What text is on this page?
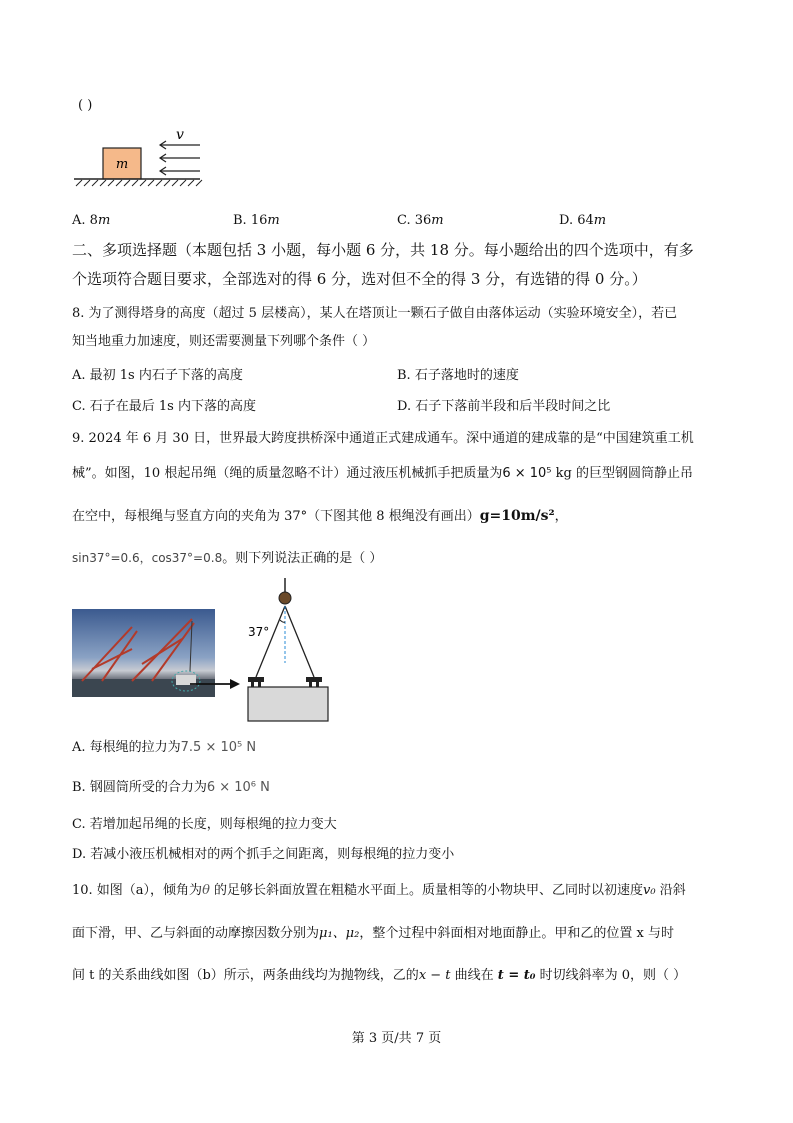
( )
m
v
A. 8m	B. 16m	C. 36m	D. 64m
二、多项选择题（本题包括 3 小题，每小题 6 分，共 18 分。每小题给出的四个选项中，有多
个选项符合题目要求，全部选对的得 6 分，选对但不全的得 3 分，有选错的得 0 分。）
8. 为了测得塔身的高度（超过 5 层楼高），某人在塔顶让一颗石子做自由落体运动（实验环境安全），若已
知当地重力加速度，则还需要测量下列哪个条件（ ）
A. 最初 1s 内石子下落的高度	B. 石子落地时的速度
C. 石子在最后 1s 内下落的高度	D. 石子下落前半段和后半段时间之比
9. 2024 年 6 月 30 日，世界最大跨度拱桥深中通道正式建成通车。深中通道的建成靠的是“中国建筑重工机
械”。如图，10 根起吊绳（绳的质量忽略不计）通过液压机械抓手把质量为6 × 10⁵ kg 的巨型钢圆筒静止吊
在空中，每根绳与竖直方向的夹角为 37°（下图其他 8 根绳没有画出）g=10m/s²，
sin37°=0.6，cos37°=0.8。则下列说法正确的是（ ）
37°
A. 每根绳的拉力为7.5 × 10⁵ N
B. 钢圆筒所受的合力为6 × 10⁶ N
C. 若增加起吊绳的长度，则每根绳的拉力变大
D. 若减小液压机械相对的两个抓手之间距离，则每根绳的拉力变小
10. 如图（a），倾角为θ 的足够长斜面放置在粗糙水平面上。质量相等的小物块甲、乙同时以初速度v₀ 沿斜
面下滑，甲、乙与斜面的动摩擦因数分别为μ₁、μ₂，整个过程中斜面相对地面静止。甲和乙的位置 x 与时
间 t 的关系曲线如图（b）所示，两条曲线均为抛物线，乙的x − t 曲线在 t = t₀ 时切线斜率为 0，则（ ）
第 3 页/共 7 页
